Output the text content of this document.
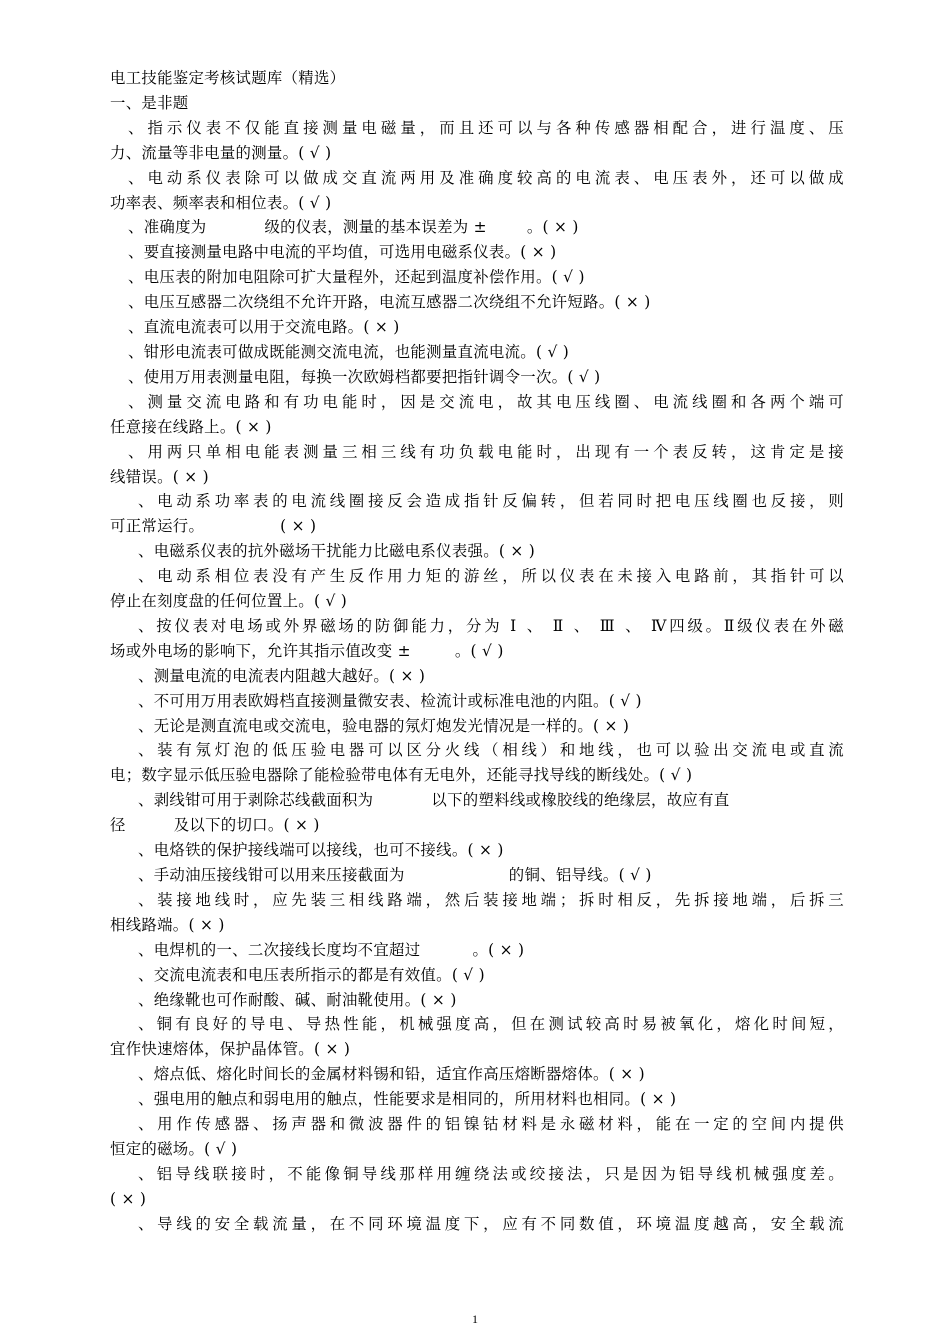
电工技能鉴定考核试题库（精选）

一、是非题

、指示仪表不仅能直接测量电磁量，而且还可以与各种传感器相配合，进行温度、压

力、流量等非电量的测量。( √ )

、电动系仪表除可以做成交直流两用及准确度较高的电流表、电压表外，还可以做成

功率表、频率表和相位表。( √ )

、准确度为	级的仪表，测量的基本误差为 ±	。( × )

、要直接测量电路中电流的平均值，可选用电磁系仪表。( × )

、电压表的附加电阻除可扩大量程外，还起到温度补偿作用。( √ )

、电压互感器二次绕组不允许开路，电流互感器二次绕组不允许短路。( × )

、直流电流表可以用于交流电路。( × )

、钳形电流表可做成既能测交流电流，也能测量直流电流。( √ )

、使用万用表测量电阻，每换一次欧姆档都要把指针调令一次。( √ )

、测量交流电路和有功电能时，因是交流电，故其电压线圈、电流线圈和各两个端可

任意接在线路上。( × )

、用两只单相电能表测量三相三线有功负载电能时，出现有一个表反转，这肯定是接

线错误。( × )

、电动系功率表的电流线圈接反会造成指针反偏转，但若同时把电压线圈也反接，则

可正常运行。	( × )

、电磁系仪表的抗外磁场干扰能力比磁电系仪表强。( × )

、电动系相位表没有产生反作用力矩的游丝，所以仪表在未接入电路前，其指针可以

停止在刻度盘的任何位置上。( √ )

、按仪表对电场或外界磁场的防御能力，分为 Ⅰ 、 Ⅱ 、 Ⅲ 、 Ⅳ四级。Ⅱ级仪表在外磁

场或外电场的影响下，允许其指示值改变 ±	。( √ )

、测量电流的电流表内阻越大越好。( × )

、不可用万用表欧姆档直接测量微安表、检流计或标准电池的内阻。( √ )

、无论是测直流电或交流电，验电器的氖灯炮发光情况是一样的。( × )

、装有氖灯泡的低压验电器可以区分火线（相线）和地线，也可以验出交流电或直流

电；数字显示低压验电器除了能检验带电体有无电外，还能寻找导线的断线处。( √ )

、剥线钳可用于剥除芯线截面积为	以下的塑料线或橡胶线的绝缘层，故应有直

径	及以下的切口。( × )

、电烙铁的保护接线端可以接线，也可不接线。( × )

、手动油压接线钳可以用来压接截面为	的铜、铝导线。( √ )

、装接地线时，应先装三相线路端，然后装接地端；拆时相反，先拆接地端，后拆三

相线路端。( × )

、电焊机的一、二次接线长度均不宜超过	。( × )

、交流电流表和电压表所指示的都是有效值。( √ )

、绝缘靴也可作耐酸、碱、耐油靴使用。( × )

、铜有良好的导电、导热性能，机械强度高，但在测试较高时易被氧化，熔化时间短，

宜作快速熔体，保护晶体管。( × )

、熔点低、熔化时间长的金属材料锡和铅，适宜作高压熔断器熔体。( × )

、强电用的触点和弱电用的触点，性能要求是相同的，所用材料也相同。( × )

、用作传感器、扬声器和微波器件的铝镍钴材料是永磁材料，能在一定的空间内提供

恒定的磁场。( √ )

、铝导线联接时，不能像铜导线那样用缠绕法或绞接法，只是因为铝导线机械强度差。

( × )

、导线的安全载流量，在不同环境温度下，应有不同数值，环境温度越高，安全载流

1
